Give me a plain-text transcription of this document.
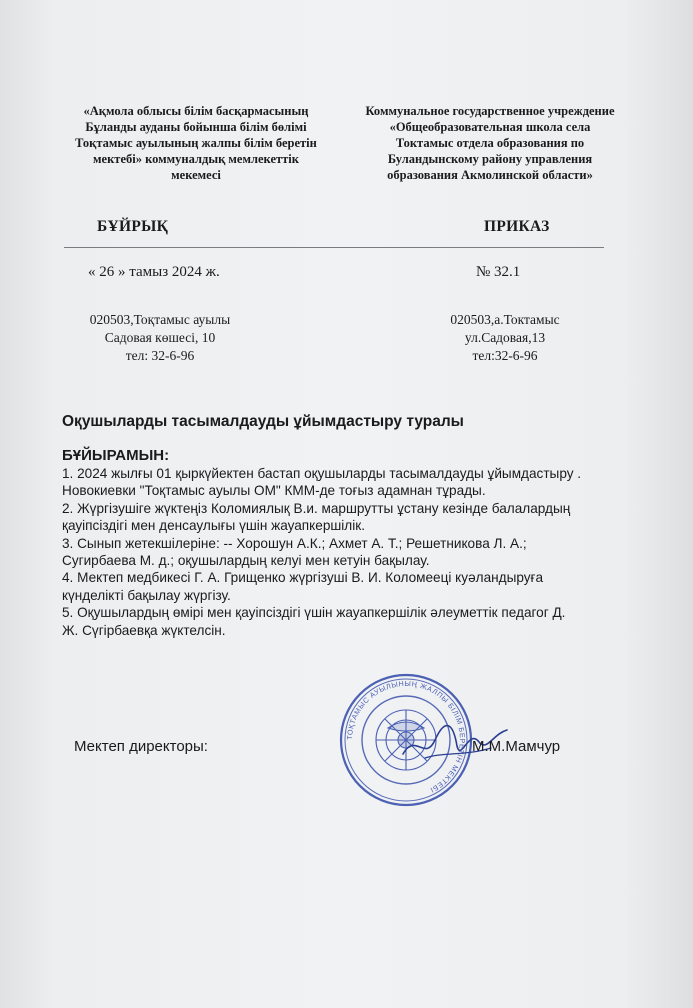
«Ақмола облысы білім басқармасының
Бұланды ауданы бойынша білім бөлімі
Тоқтамыс ауылының жалпы білім беретін
мектебі» коммуналдық мемлекеттік
мекемесі
Коммунальное государственное учреждение
«Общеобразовательная школа села
Токтамыс отдела образования по
Буландынскому району управления
образования Акмолинской области»
БҰЙРЫҚ	ПРИКАЗ
« 26 » тамыз 2024 ж.	№ 32.1
020503,Тоқтамыс ауылы
Садовая көшесі, 10
тел: 32-6-96
020503,а.Токтамыс
ул.Садовая,13
тел:32-6-96
Оқушыларды тасымалдауды ұйымдастыру туралы
БҰЙЫРАМЫН:
1. 2024 жылғы 01 қыркүйектен бастап оқушыларды тасымалдауды ұйымдастыру .
Новокиевки "Тоқтамыс ауылы ОМ" КММ-де тоғыз адамнан тұрады.
2. Жүргізушіге жүктеңіз Коломиялық В.и. маршрутты ұстану кезінде балалардың
қауіпсіздігі мен денсаулығы үшін жауапкершілік.
3. Сынып жетекшілеріне: -- Хорошун А.К.; Ахмет А. Т.; Решетникова Л. А.;
Сугирбаева М. д.; оқушылардың келуі мен кетуін бақылау.
4. Мектеп медбикесі Г. А. Грищенко жүргізуші В. И. Коломееці куәландыруға
күнделікті бақылау жүргізу.
5. Оқушылардың өмірі мен қауіпсіздігі үшін жауапкершілік әлеуметтік педагог Д.
Ж. Сүгірбаевқа жүктелсін.
Мектеп директоры:
ТОҚТАМЫС АУЫЛЫНЫҢ ЖАЛПЫ БІЛІМ БЕРЕТІН МЕКТЕБІ
М.М.Мамчур
